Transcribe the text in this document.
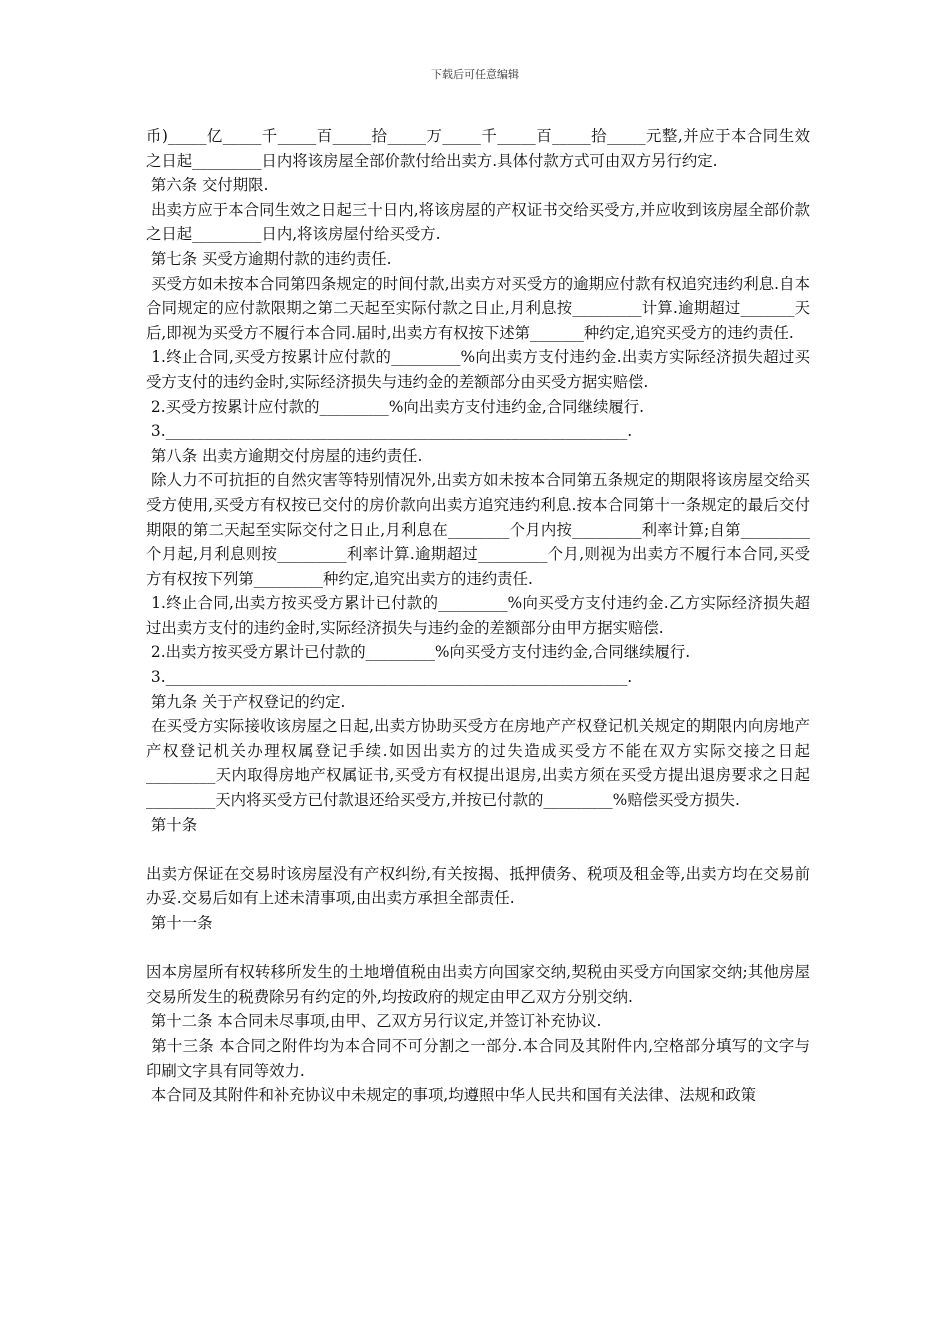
下载后可任意编辑

币)_____亿_____千_____百_____拾_____万_____千_____百_____拾_____元整,并应于本合同生效之日起_________日内将该房屋全部价款付给出卖方.具体付款方式可由双方另行约定.

第六条 交付期限.

出卖方应于本合同生效之日起三十日内,将该房屋的产权证书交给买受方,并应收到该房屋全部价款之日起_________日内,将该房屋付给买受方.

第七条 买受方逾期付款的违约责任.

买受方如未按本合同第四条规定的时间付款,出卖方对买受方的逾期应付款有权追究违约利息.自本合同规定的应付款限期之第二天起至实际付款之日止,月利息按_________计算.逾期超过_______天后,即视为买受方不履行本合同.届时,出卖方有权按下述第_______种约定,追究买受方的违约责任.

1.终止合同,买受方按累计应付款的_________%向出卖方支付违约金.出卖方实际经济损失超过买受方支付的违约金时,实际经济损失与违约金的差额部分由买受方据实赔偿.

2.买受方按累计应付款的_________%向出卖方支付违约金,合同继续履行.

3.____________________________________________________________.

第八条 出卖方逾期交付房屋的违约责任.

除人力不可抗拒的自然灾害等特别情况外,出卖方如未按本合同第五条规定的期限将该房屋交给买受方使用,买受方有权按已交付的房价款向出卖方追究违约利息.按本合同第十一条规定的最后交付期限的第二天起至实际交付之日止,月利息在________个月内按_________利率计算;自第_________个月起,月利息则按_________利率计算.逾期超过_________个月,则视为出卖方不履行本合同,买受方有权按下列第_________种约定,追究出卖方的违约责任.

1.终止合同,出卖方按买受方累计已付款的_________%向买受方支付违约金.乙方实际经济损失超过出卖方支付的违约金时,实际经济损失与违约金的差额部分由甲方据实赔偿.

2.出卖方按买受方累计已付款的_________%向买受方支付违约金,合同继续履行.

3.____________________________________________________________.

第九条 关于产权登记的约定.

在买受方实际接收该房屋之日起,出卖方协助买受方在房地产产权登记机关规定的期限内向房地产产权登记机关办理权属登记手续.如因出卖方的过失造成买受方不能在双方实际交接之日起_________天内取得房地产权属证书,买受方有权提出退房,出卖方须在买受方提出退房要求之日起_________天内将买受方已付款退还给买受方,并按已付款的_________%赔偿买受方损失.

第十条

出卖方保证在交易时该房屋没有产权纠纷,有关按揭、抵押债务、税项及租金等,出卖方均在交易前办妥.交易后如有上述未清事项,由出卖方承担全部责任.

第十一条

因本房屋所有权转移所发生的土地增值税由出卖方向国家交纳,契税由买受方向国家交纳;其他房屋交易所发生的税费除另有约定的外,均按政府的规定由甲乙双方分别交纳.

第十二条 本合同未尽事项,由甲、乙双方另行议定,并签订补充协议.

第十三条 本合同之附件均为本合同不可分割之一部分.本合同及其附件内,空格部分填写的文字与印刷文字具有同等效力.

本合同及其附件和补充协议中未规定的事项,均遵照中华人民共和国有关法律、法规和政策
